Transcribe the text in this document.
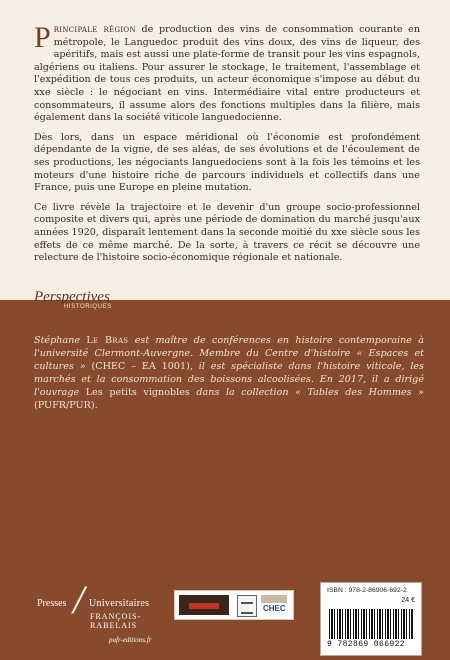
Principale région de production des vins de consommation courante en métropole, le Languedoc produit des vins doux, des vins de liqueur, des apéritifs, mais est aussi une plate-forme de transit pour les vins espagnols, algériens ou italiens. Pour assurer le stockage, le traitement, l'assemblage et l'expédition de tous ces produits, un acteur économique s'impose au début du xxe siècle : le négociant en vins. Intermédiaire vital entre producteurs et consommateurs, il assume alors des fonctions multiples dans la filière, mais également dans la société viticole languedocienne.

Dès lors, dans un espace méridional où l'économie est profondément dépendante de la vigne, de ses aléas, de ses évolutions et de l'écoulement de ses productions, les négociants languedociens sont à la fois les témoins et les moteurs d'une histoire riche de parcours individuels et collectifs dans une France, puis une Europe en pleine mutation.

Ce livre révèle la trajectoire et le devenir d'un groupe socio-professionnel composite et divers qui, après une période de domination du marché jusqu'aux années 1920, disparaît lentement dans la seconde moitié du xxe siècle sous les effets de ce même marché. De la sorte, à travers ce récit se découvre une relecture de l'histoire socio-économique régionale et nationale.

Perspectives
HISTORIQUES
Stéphane Le Bras est maître de conférences en histoire contemporaine à l'université Clermont-Auvergne. Membre du Centre d'histoire « Espaces et cultures » (CHEC – EA 1001), il est spécialiste dans l'histoire viticole, les marchés et la consommation des boissons alcoolisées. En 2017, il a dirigé l'ouvrage Les petits vignobles dans la collection « Tables des Hommes » (PUFR/PUR).
Presses / Universitaires
FRANÇOIS-RABELAIS
pufr-editions.fr
CHEC
ISBN : 978-2-86906-692-2
24 €
9 782869 066922
